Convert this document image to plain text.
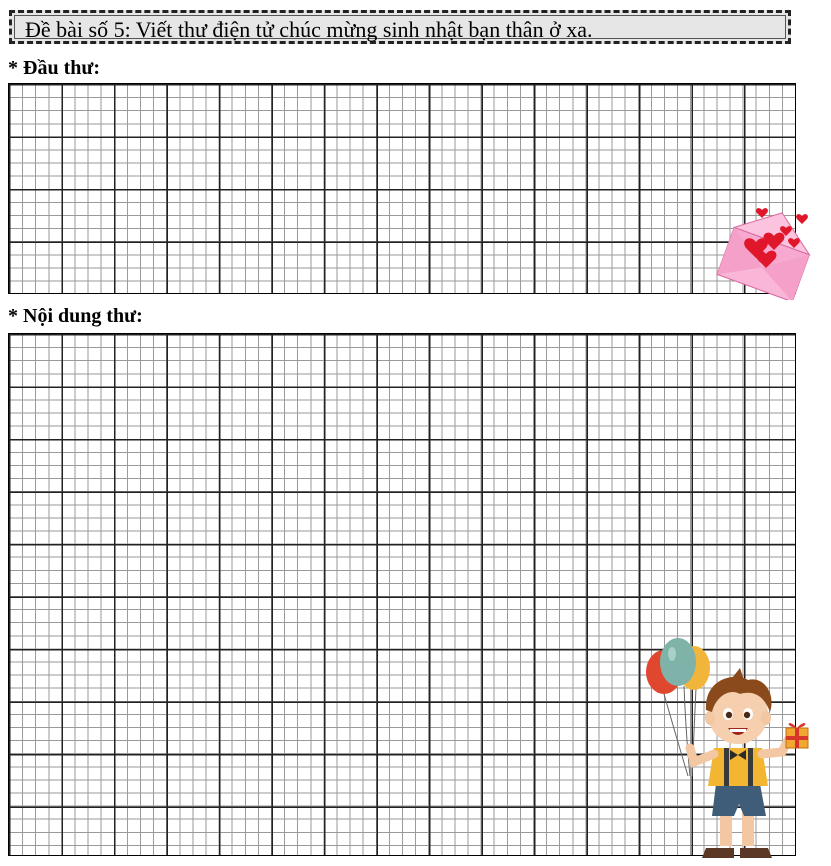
Đề bài số 5: Viết thư điện tử chúc mừng sinh nhật bạn thân ở xa.
* Đầu thư:
* Nội dung thư:
